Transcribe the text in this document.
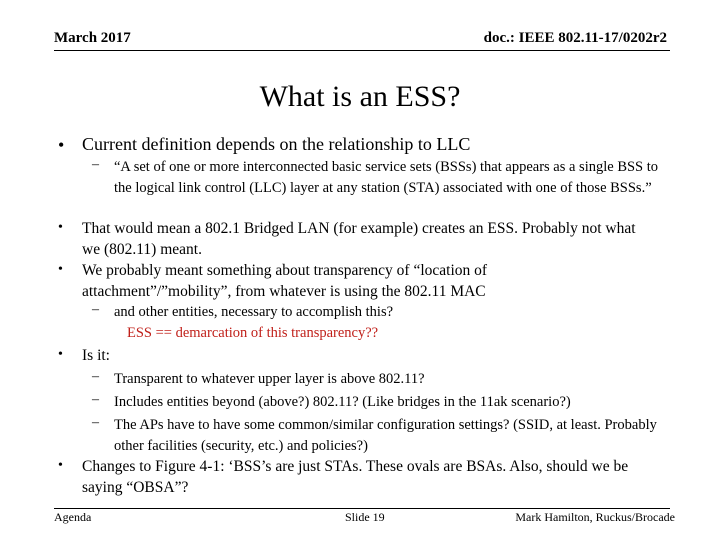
March 2017	doc.: IEEE 802.11-17/0202r2
What is an ESS?
• Current definition depends on the relationship to LLC
– “A set of one or more interconnected basic service sets (BSSs) that appears as a single BSS to the logical link control (LLC) layer at any station (STA) associated with one of those BSSs.”
• That would mean a 802.1 Bridged LAN (for example) creates an ESS. Probably not what we (802.11) meant.
• We probably meant something about transparency of “location of attachment”/”mobility”, from whatever is using the 802.11 MAC
– and other entities, necessary to accomplish this?
ESS == demarcation of this transparency??
• Is it:
– Transparent to whatever upper layer is above 802.11?
– Includes entities beyond (above?) 802.11? (Like bridges in the 11ak scenario?)
– The APs have to have some common/similar configuration settings? (SSID, at least. Probably other facilities (security, etc.) and policies?)
• Changes to Figure 4-1: ‘BSS’s are just STAs. These ovals are BSAs. Also, should we be saying “OBSA”?
Agenda	Slide 19	Mark Hamilton, Ruckus/Brocade
